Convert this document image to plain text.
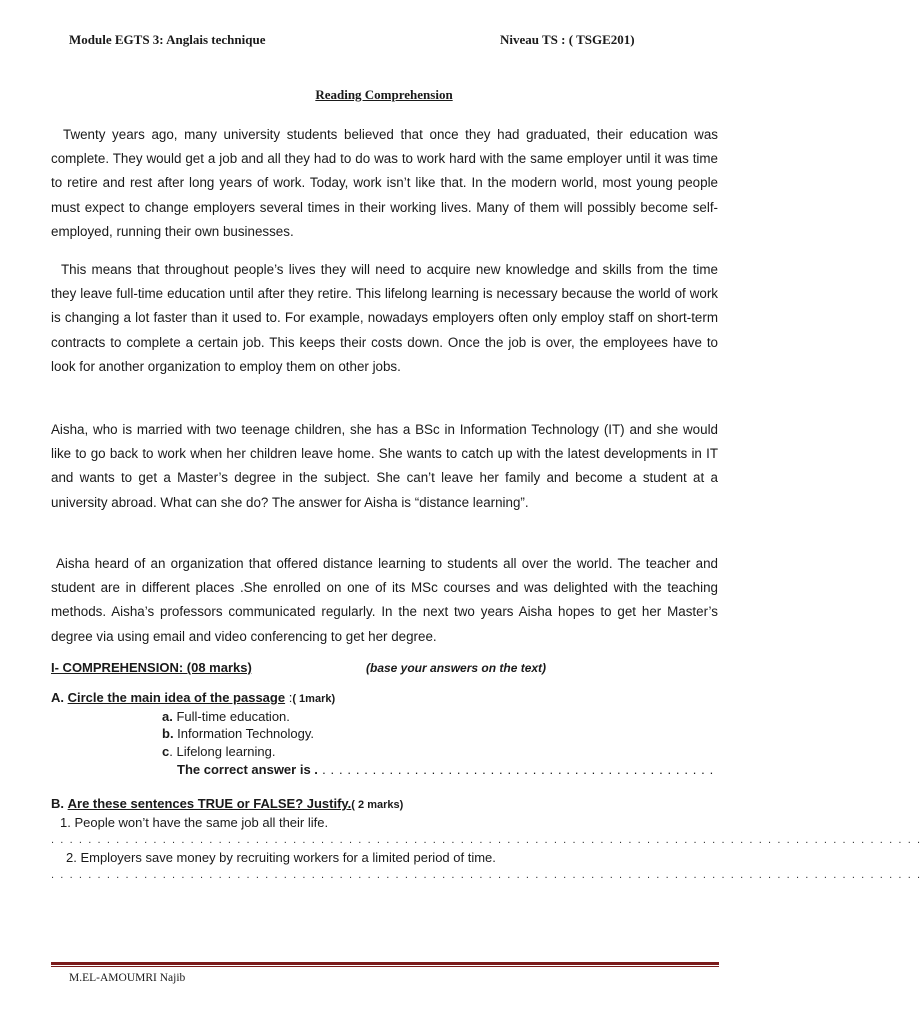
Module EGTS 3: Anglais technique	Niveau TS : ( TSGE201)
Reading Comprehension

Twenty years ago, many university students believed that once they had graduated, their education was complete. They would get a job and all they had to do was to work hard with the same employer until it was time to retire and rest after long years of work. Today, work isn’t like that. In the modern world, most young people must expect to change employers several times in their working lives. Many of them will possibly become self-employed, running their own businesses.

This means that throughout people’s lives they will need to acquire new knowledge and skills from the time they leave full-time education until after they retire. This lifelong learning is necessary because the world of work is changing a lot faster than it used to. For example, nowadays employers often only employ staff on short-term contracts to complete a certain job. This keeps their costs down. Once the job is over, the employees have to look for another organization to employ them on other jobs.

Aisha, who is married with two teenage children, she has a BSc in Information Technology (IT) and she would like to go back to work when her children leave home. She wants to catch up with the latest developments in IT and wants to get a Master’s degree in the subject. She can’t leave her family and become a student at a university abroad. What can she do? The answer for Aisha is “distance learning”.

Aisha heard of an organization that offered distance learning to students all over the world. The teacher and student are in different places .She enrolled on one of its MSc courses and was delighted with the teaching methods. Aisha’s professors communicated regularly. In the next two years Aisha hopes to get her Master’s degree via using email and video conferencing to get her degree.

I- COMPREHENSION: (08 marks)	(base your answers on the text)
A. Circle the main idea of the passage :( 1mark)
a. Full-time education.
b. Information Technology.
c. Lifelong learning.
The correct answer is . . . . . . . . . . . . . . . . . . . . . . . . . . . . . . . . . . . . . . . . . . . . . . . .
B. Are these sentences TRUE or FALSE? Justify.( 2 marks)
1. People won’t have the same job all their life.
. . . . . . . . . . . . . . . . . . . . . . . . . . . . . . . . . . . . . . . . . . . . . . . . . . . . . . . . . . . . . . . . . . . . . . . . . . . . . . . . . . . . . . . . . . . . . .
2. Employers save money by recruiting workers for a limited period of time.
. . . . . . . . . . . . . . . . . . . . . . . . . . . . . . . . . . . . . . . . . . . . . . . . . . . . . . . . . . . . . . . . . . . . . . . . . . . . . . . . . . . . . . . . . . . . . .
M.EL-AMOUMRI Najib
